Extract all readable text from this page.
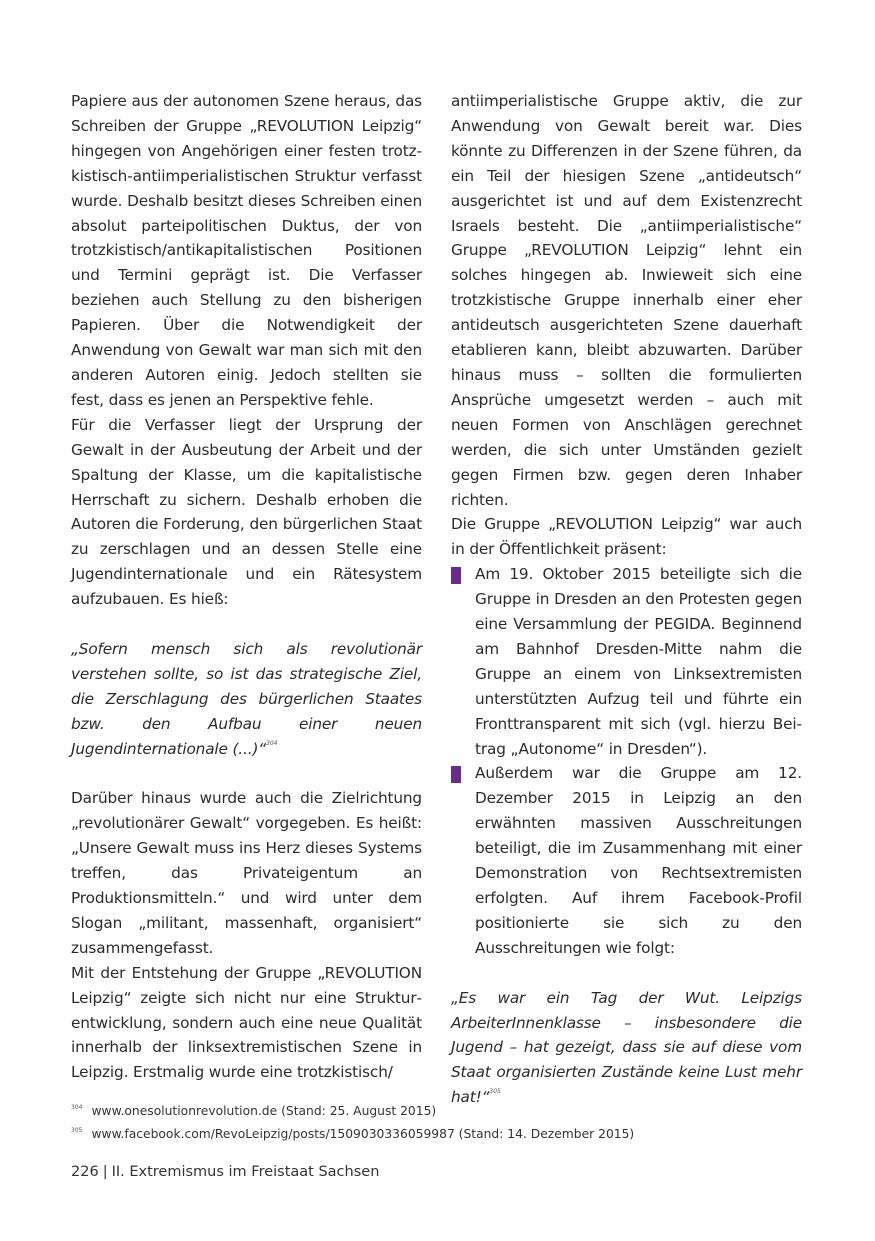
Papiere aus der autonomen Szene heraus, das Schreiben der Gruppe „REVOLUTION Leipzig“ hingegen von Angehörigen einer festen trotzkistisch-antiimperialistischen Struktur verfasst wurde. Deshalb besitzt dieses Schreiben einen absolut parteipolitischen Duktus, der von trotzkistisch/antikapitalistischen Positionen und Termini geprägt ist. Die Verfasser beziehen auch Stellung zu den bisherigen Papieren. Über die Notwendigkeit der Anwendung von Gewalt war man sich mit den anderen Autoren einig. Jedoch stellten sie fest, dass es jenen an Perspektive fehle.

Für die Verfasser liegt der Ursprung der Gewalt in der Ausbeutung der Arbeit und der Spaltung der Klasse, um die kapitalistische Herrschaft zu sichern. Deshalb erhoben die Autoren die Forderung, den bürgerlichen Staat zu zerschlagen und an dessen Stelle eine Jugendinternationale und ein Rätesystem aufzubauen. Es hieß:

„Sofern mensch sich als revolutionär verstehen sollte, so ist das strategische Ziel, die Zerschlagung des bürgerlichen Staates bzw. den Aufbau einer neuen Jugendinternationale (...)“$^{304}$

Darüber hinaus wurde auch die Zielrichtung „revolutionärer Gewalt“ vorgegeben. Es heißt: „Unsere Gewalt muss ins Herz dieses Systems treffen, das Privateigentum an Produktionsmitteln.“ und wird unter dem Slogan „militant, massenhaft, organisiert“ zusammengefasst.

Mit der Entstehung der Gruppe „REVOLUTION Leipzig“ zeigte sich nicht nur eine Strukturentwicklung, sondern auch eine neue Qualität innerhalb der linksextremistischen Szene in Leipzig. Erstmalig wurde eine trotzkistisch/

antiimperialistische Gruppe aktiv, die zur Anwendung von Gewalt bereit war. Dies könnte zu Differenzen in der Szene führen, da ein Teil der hiesigen Szene „antideutsch“ ausgerichtet ist und auf dem Existenzrecht Israels besteht. Die „antiimperialistische“ Gruppe „REVOLUTION Leipzig“ lehnt ein solches hingegen ab. Inwieweit sich eine trotzkistische Gruppe innerhalb einer eher antideutsch ausgerichteten Szene dauerhaft etablieren kann, bleibt abzuwarten. Darüber hinaus muss – sollten die formulierten Ansprüche umgesetzt werden – auch mit neuen Formen von Anschlägen gerechnet werden, die sich unter Umständen gezielt gegen Firmen bzw. gegen deren Inhaber richten.

Die Gruppe „REVOLUTION Leipzig“ war auch in der Öffentlichkeit präsent:

Am 19. Oktober 2015 beteiligte sich die Gruppe in Dresden an den Protesten gegen eine Versammlung der PEGIDA. Beginnend am Bahnhof Dresden-Mitte nahm die Gruppe an einem von Linksextremisten unterstützten Aufzug teil und führte ein Fronttransparent mit sich (vgl. hierzu Beitrag „Autonome“ in Dresden“).
Außerdem war die Gruppe am 12. Dezember 2015 in Leipzig an den erwähnten massiven Ausschreitungen beteiligt, die im Zusammenhang mit einer Demonstration von Rechtsextremisten erfolgten. Auf ihrem Facebook-Profil positionierte sie sich zu den Ausschreitungen wie folgt:

„Es war ein Tag der Wut. Leipzigs ArbeiterInnenklasse – insbesondere die Jugend – hat gezeigt, dass sie auf diese vom Staat organisierten Zustände keine Lust mehr hat!“$^{305}$

$^{304}$ www.onesolutionrevolution.de (Stand: 25. August 2015)
$^{305}$ www.facebook.com/RevoLeipzig/posts/1509030336059987 (Stand: 14. Dezember 2015)
226 | II. Extremismus im Freistaat Sachsen
